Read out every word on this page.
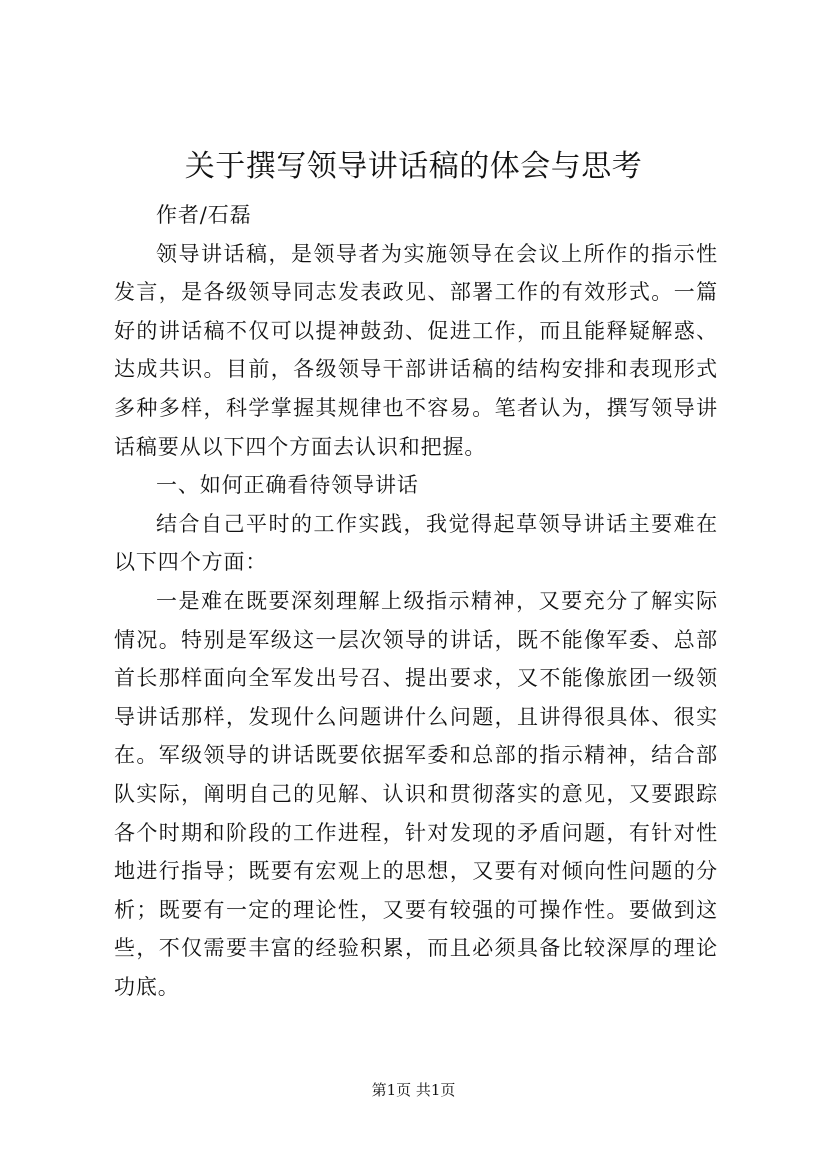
关于撰写领导讲话稿的体会与思考

作者/石磊

领导讲话稿，是领导者为实施领导在会议上所作的指示性发言，是各级领导同志发表政见、部署工作的有效形式。一篇好的讲话稿不仅可以提神鼓劲、促进工作，而且能释疑解惑、达成共识。目前，各级领导干部讲话稿的结构安排和表现形式多种多样，科学掌握其规律也不容易。笔者认为，撰写领导讲话稿要从以下四个方面去认识和把握。

一、如何正确看待领导讲话

结合自己平时的工作实践，我觉得起草领导讲话主要难在以下四个方面：

一是难在既要深刻理解上级指示精神，又要充分了解实际情况。特别是军级这一层次领导的讲话，既不能像军委、总部首长那样面向全军发出号召、提出要求，又不能像旅团一级领导讲话那样，发现什么问题讲什么问题，且讲得很具体、很实在。军级领导的讲话既要依据军委和总部的指示精神，结合部队实际，阐明自己的见解、认识和贯彻落实的意见，又要跟踪各个时期和阶段的工作进程，针对发现的矛盾问题，有针对性地进行指导；既要有宏观上的思想，又要有对倾向性问题的分析；既要有一定的理论性，又要有较强的可操作性。要做到这些，不仅需要丰富的经验积累，而且必须具备比较深厚的理论功底。

第1页 共1页
